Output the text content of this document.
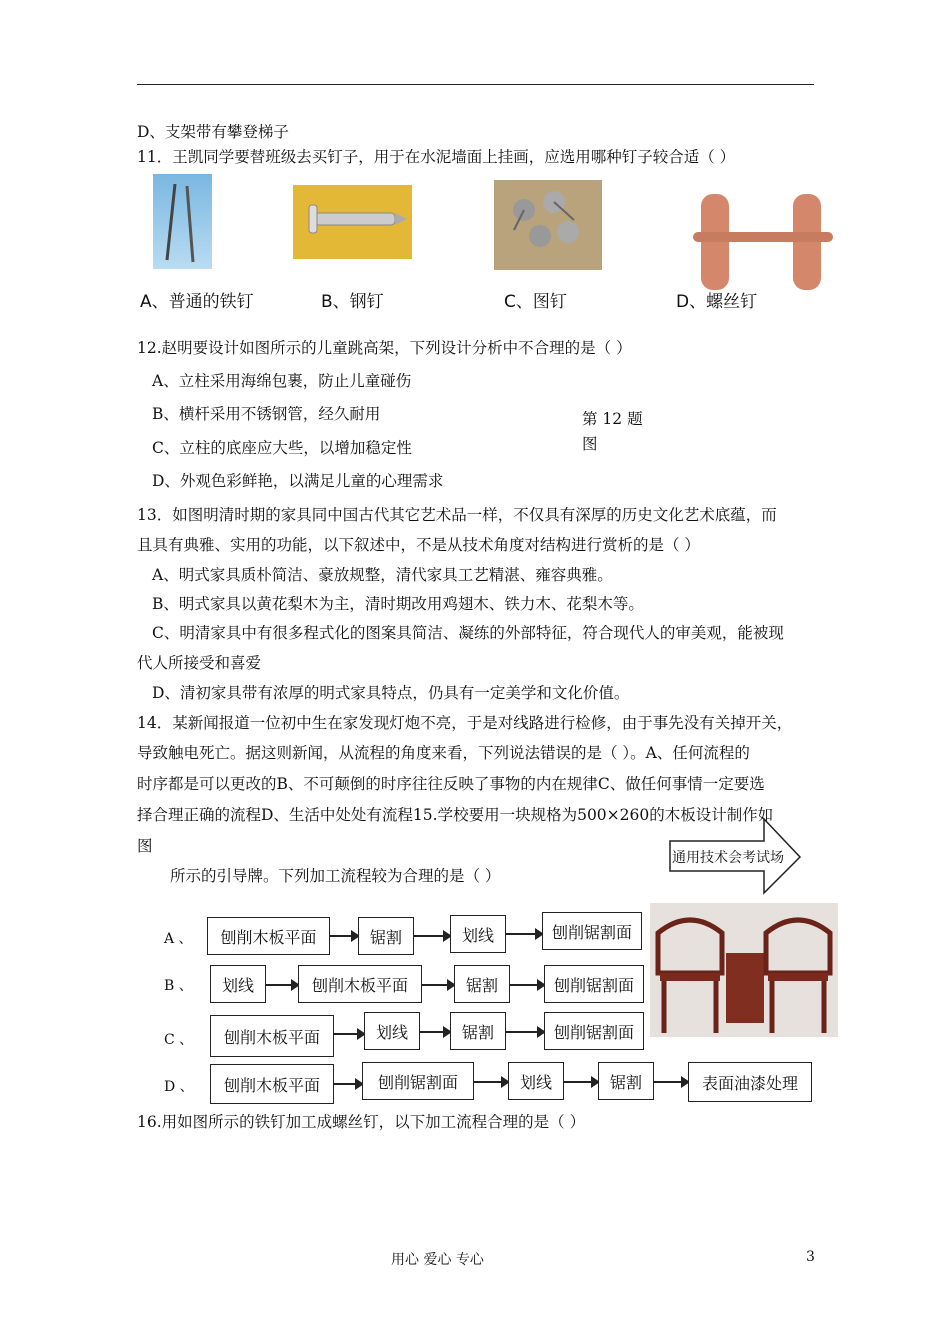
D、支架带有攀登梯子
11．王凯同学要替班级去买钉子，用于在水泥墙面上挂画，应选用哪种钉子较合适（ ）
A、普通的铁钉	B、钢钉	C、图钉	D、螺丝钉
12.赵明要设计如图所示的儿童跳高架，下列设计分析中不合理的是（ ）
A、立柱采用海绵包裹，防止儿童碰伤
B、横杆采用不锈钢管，经久耐用
C、立柱的底座应大些，以增加稳定性
D、外观色彩鲜艳，以满足儿童的心理需求
第 12 题
图
13．如图明清时期的家具同中国古代其它艺术品一样，不仅具有深厚的历史文化艺术底蕴，而
且具有典雅、实用的功能，以下叙述中，不是从技术角度对结构进行赏析的是（ ）
A、明式家具质朴简洁、豪放规整，清代家具工艺精湛、雍容典雅。
B、明式家具以黄花梨木为主，清时期改用鸡翅木、铁力木、花梨木等。
C、明清家具中有很多程式化的图案具简洁、凝练的外部特征，符合现代人的审美观，能被现
代人所接受和喜爱
D、清初家具带有浓厚的明式家具特点，仍具有一定美学和文化价值。
14．某新闻报道一位初中生在家发现灯炮不亮，于是对线路进行检修，由于事先没有关掉开关，
导致触电死亡。据这则新闻，从流程的角度来看，下列说法错误的是（ ）。A、任何流程的
时序都是可以更改的B、不可颠倒的时序往往反映了事物的内在规律C、做任何事情一定要选
择合理正确的流程D、生活中处处有流程15.学校要用一块规格为500×260的木板设计制作如
图
通用技术会考试场
所示的引导牌。下列加工流程较为合理的是（ ）
A 、	刨削木板平面	锯割	划线	刨削锯割面
B 、	划线	刨削木板平面	锯割	刨削锯割面
C 、	刨削木板平面	划线	锯割	刨削锯割面
D 、	刨削木板平面	刨削锯割面	划线	锯割	表面油漆处理
16.用如图所示的铁钉加工成螺丝钉，以下加工流程合理的是（ ）
用心 爱心 专心	3
